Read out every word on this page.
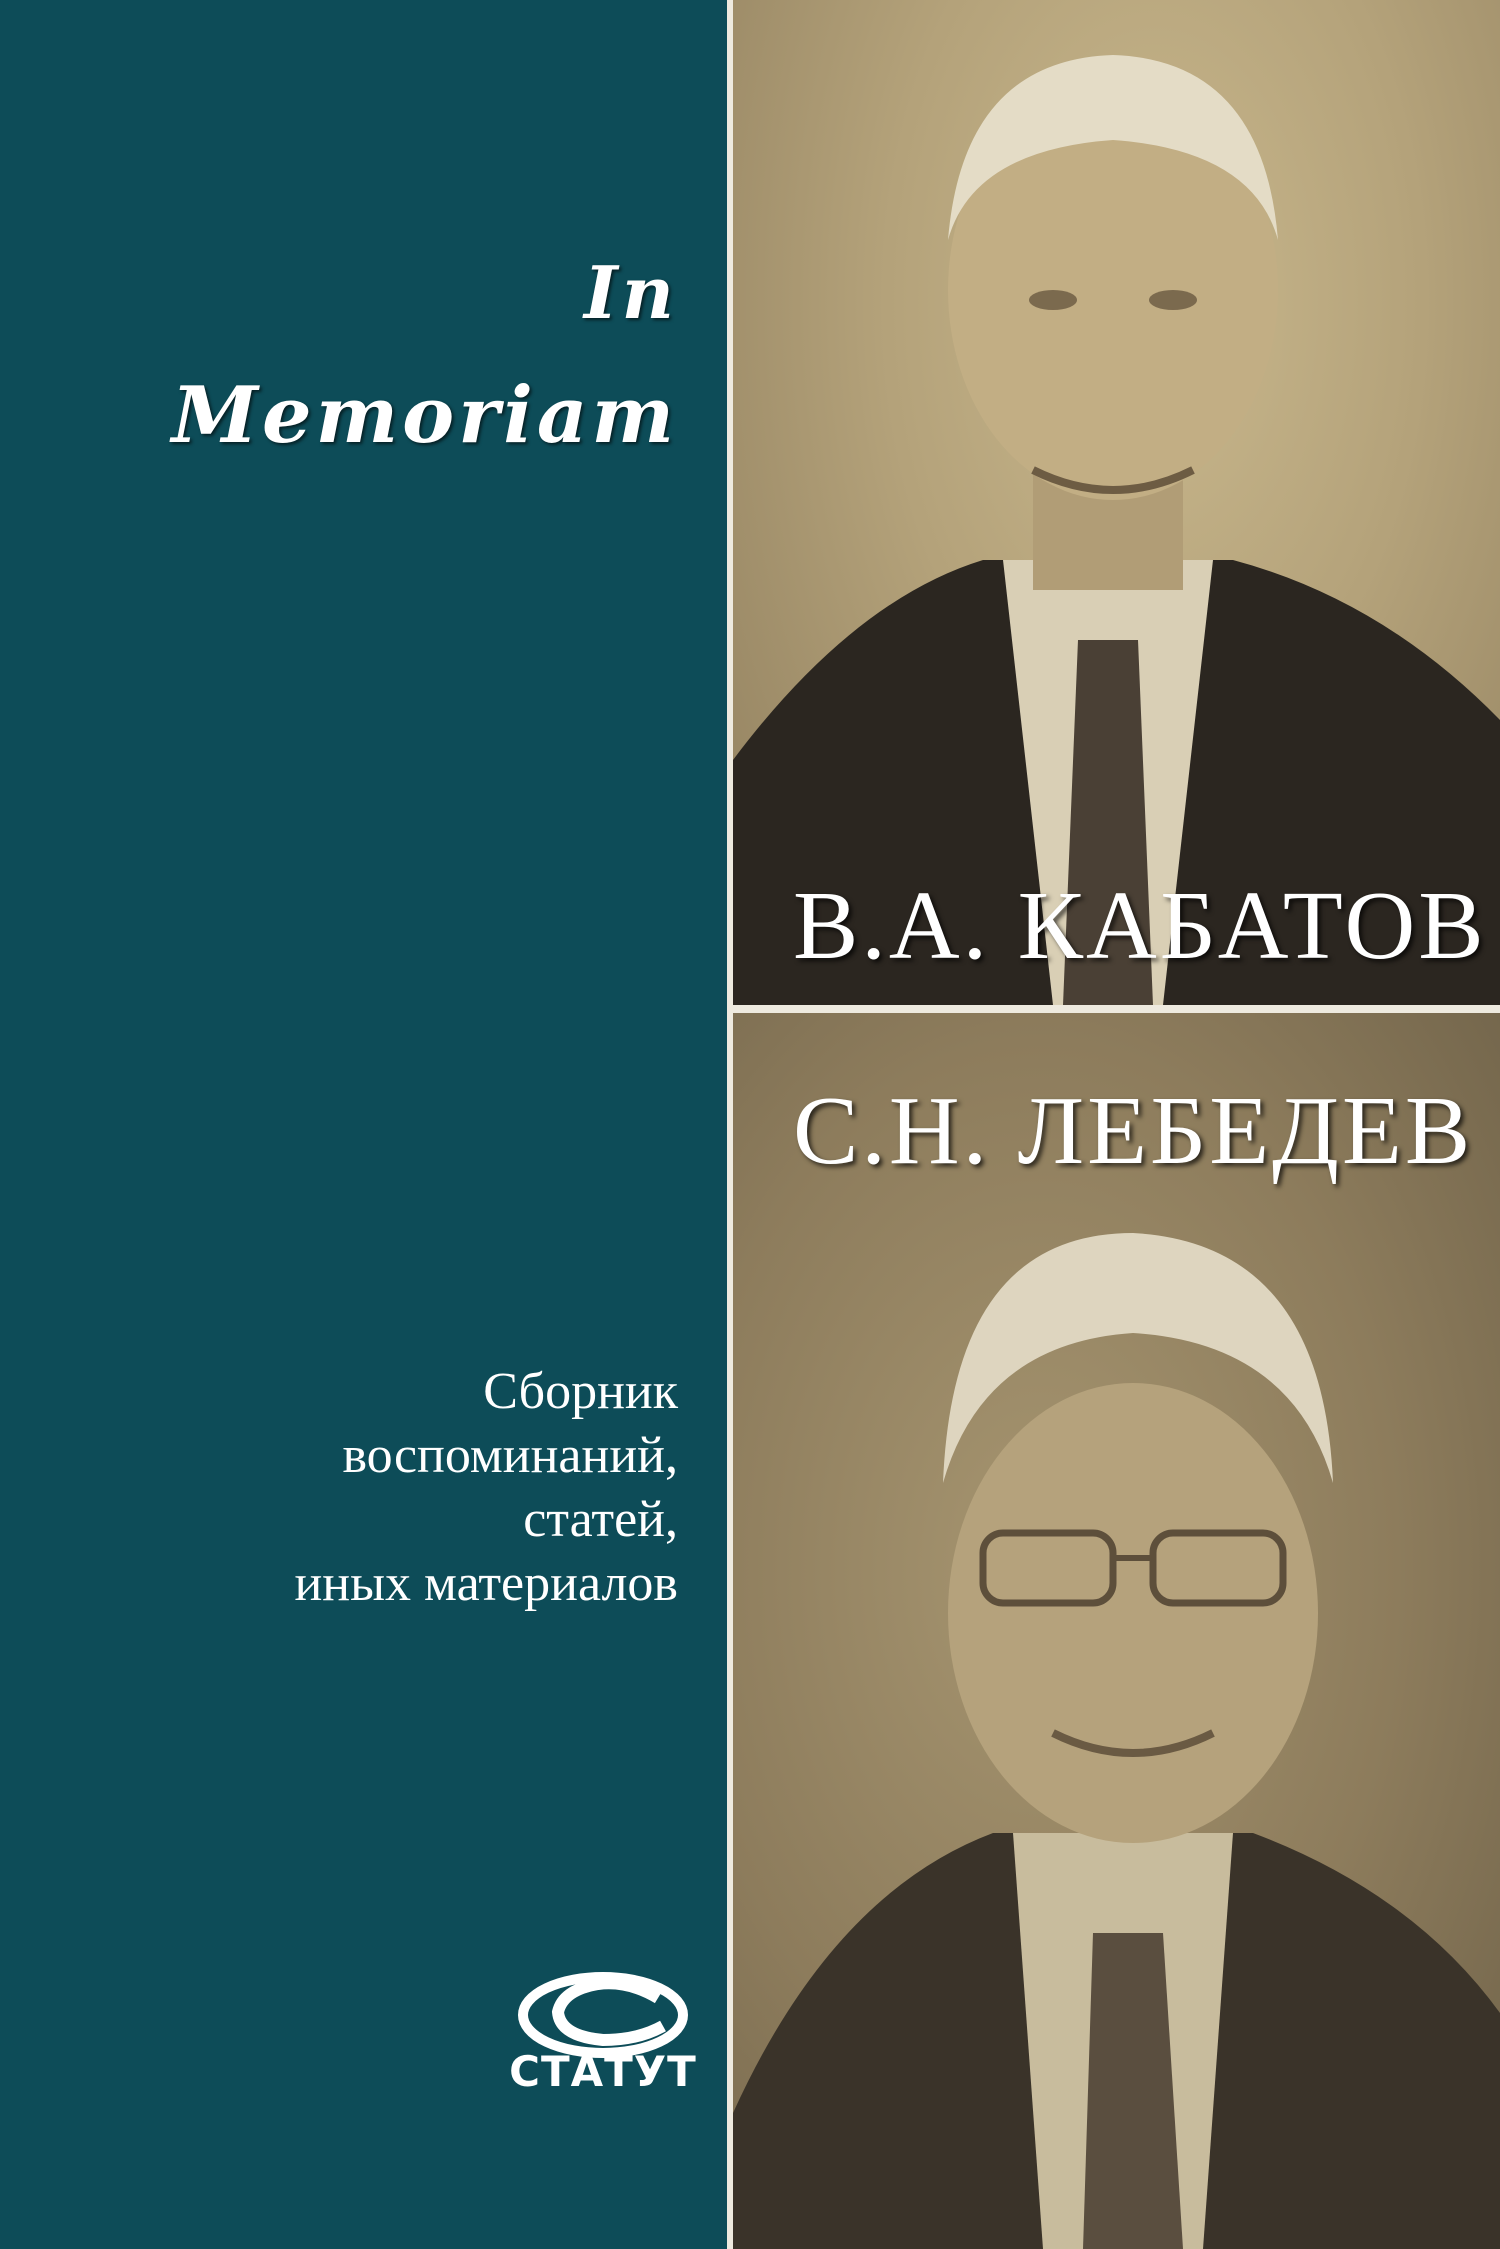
In
Memoriam
В.А. КАБАТОВ
С.Н. ЛЕБЕДЕВ
Сборник
воспоминаний,
статей,
иных материалов
СТАТУТ
